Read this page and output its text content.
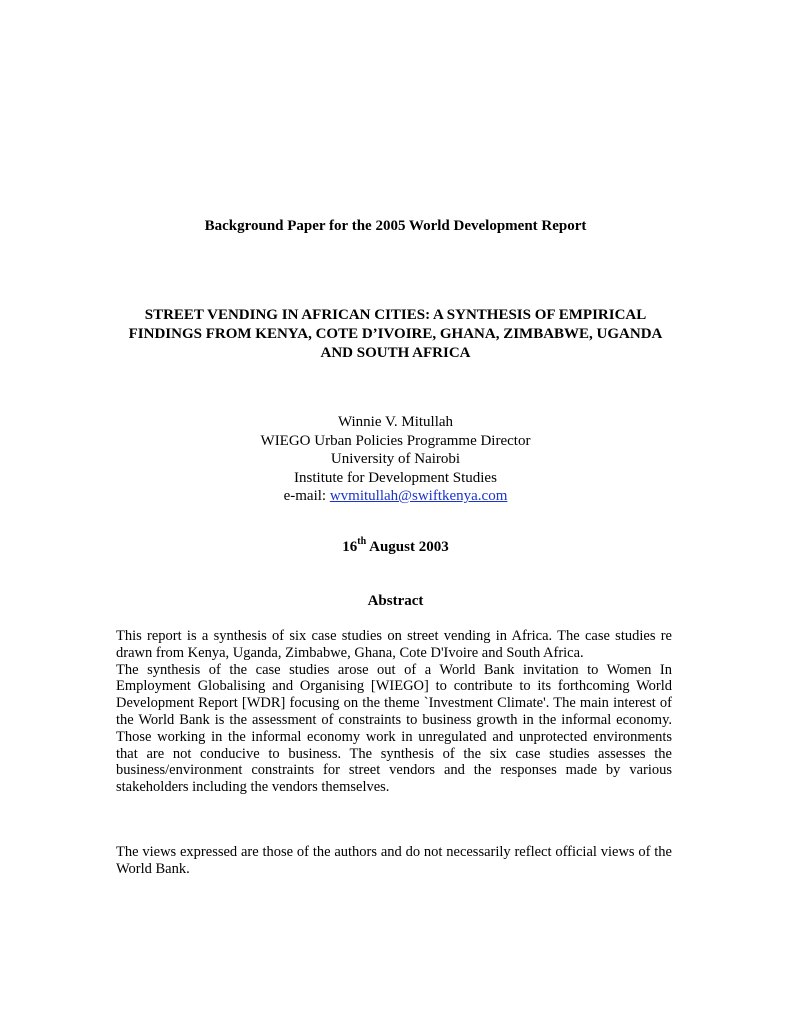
Background Paper for the 2005 World Development Report
STREET VENDING IN AFRICAN CITIES: A SYNTHESIS OF EMPIRICAL
FINDINGS FROM KENYA, COTE D’IVOIRE, GHANA, ZIMBABWE, UGANDA
AND SOUTH AFRICA
Winnie V. Mitullah
WIEGO Urban Policies Programme Director
University of Nairobi
Institute for Development Studies
e-mail: wvmitullah@swiftkenya.com
16th August 2003
Abstract

This report is a synthesis of six case studies on street vending in Africa. The case studies re drawn from Kenya, Uganda, Zimbabwe, Ghana, Cote D'Ivoire and South Africa.

The synthesis of the case studies arose out of a World Bank invitation to Women In Employment Globalising and Organising [WIEGO] to contribute to its forthcoming World Development Report [WDR] focusing on the theme `Investment Climate'. The main interest of the World Bank is the assessment of constraints to business growth in the informal economy. Those working in the informal economy work in unregulated and unprotected environments that are not conducive to business. The synthesis of the six case studies assesses the business/environment constraints for street vendors and the responses made by various stakeholders including the vendors themselves.

The views expressed are those of the authors and do not necessarily reflect official views of the World Bank.
